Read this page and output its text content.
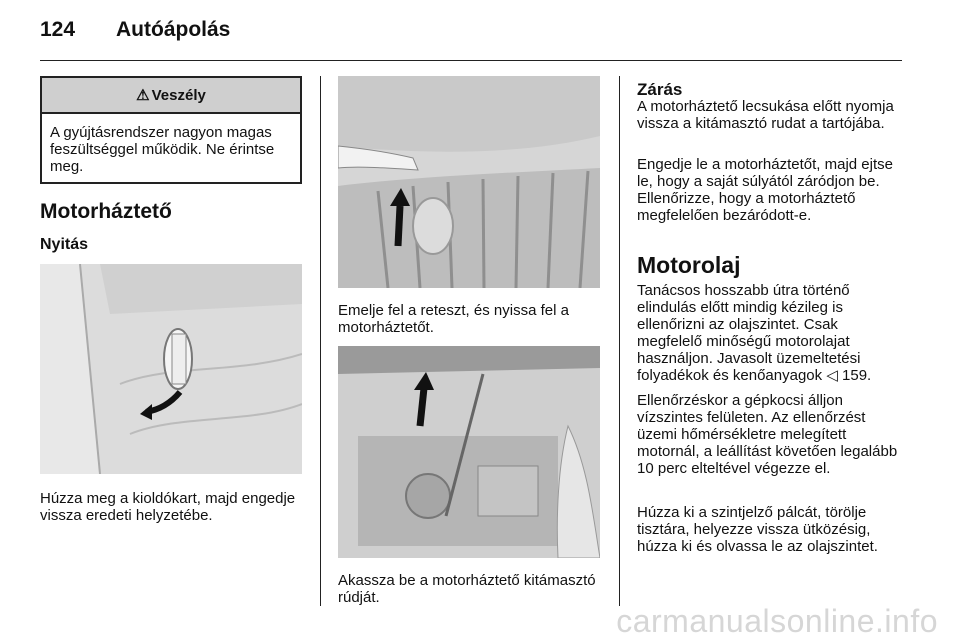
124 Autóápolás
⚠ Veszély
A gyújtásrendszer nagyon magas feszültséggel működik. Ne érintse meg.
Motorháztető
Nyitás

Húzza meg a kioldókart, majd engedje vissza eredeti helyzetébe.

Emelje fel a reteszt, és nyissa fel a motorháztetőt.

Akassza be a motorháztető kitámasztó rúdját.

Zárás

A motorháztető lecsukása előtt nyomja vissza a kitámasztó rudat a tartójába.

Engedje le a motorháztetőt, majd ejtse le, hogy a saját súlyától záródjon be. Ellenőrizze, hogy a motorháztető megfelelően bezáródott-e.

Motorolaj

Tanácsos hosszabb útra történő elindulás előtt mindig kézileg is ellenőrizni az olajszintet. Csak megfelelő minőségű motorolajat használjon. Javasolt üzemeltetési folyadékok és kenőanyagok ◁ 159.

Ellenőrzéskor a gépkocsi álljon vízszintes felületen. Az ellenőrzést üzemi hőmérsékletre melegített motornál, a leállítást követően legalább 10 perc elteltével végezze el.

Húzza ki a szintjelző pálcát, törölje tisztára, helyezze vissza ütközésig, húzza ki és olvassa le az olajszintet.

carmanualsonline.info
